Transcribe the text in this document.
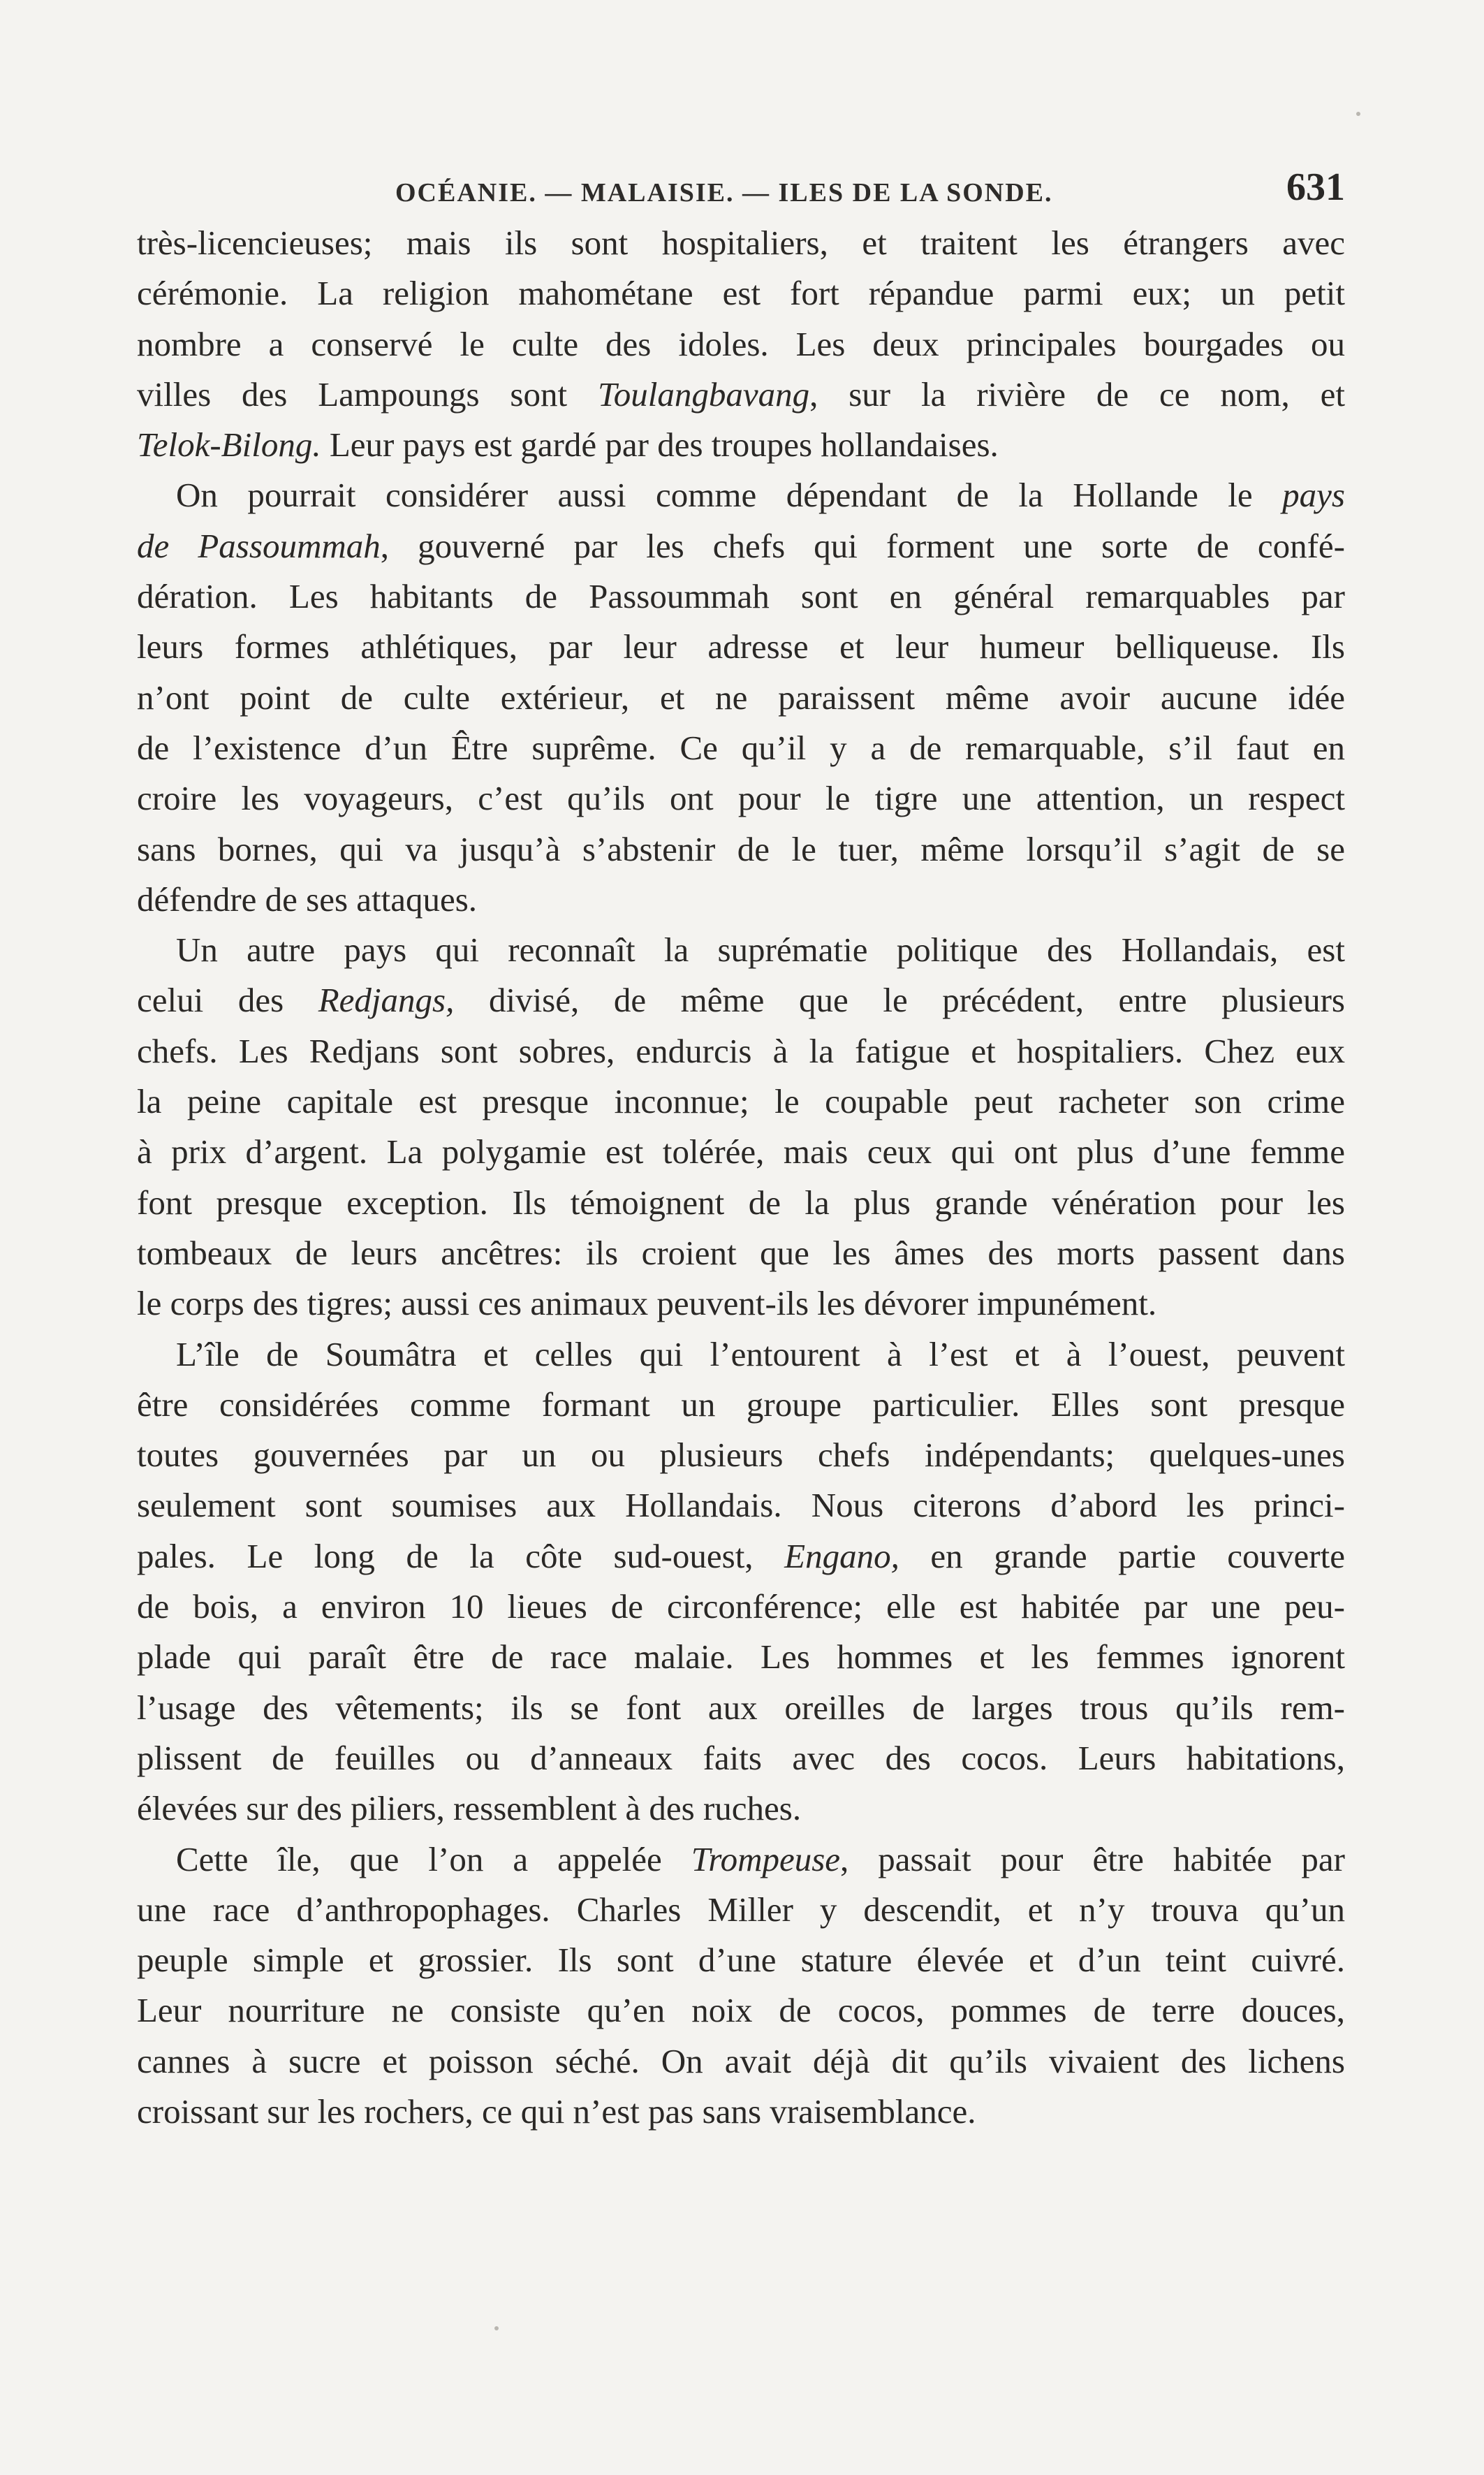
OCÉANIE. — MALAISIE. — ILES DE LA SONDE.	631
très-licencieuses; mais ils sont hospitaliers, et traitent les étrangers avec
cérémonie. La religion mahométane est fort répandue parmi eux; un petit
nombre a conservé le culte des idoles. Les deux principales bourgades ou
villes des Lampoungs sont Toulangbavang, sur la rivière de ce nom, et
Telok-Bilong. Leur pays est gardé par des troupes hollandaises.
On pourrait considérer aussi comme dépendant de la Hollande le pays
de Passoummah, gouverné par les chefs qui forment une sorte de confé-
dération. Les habitants de Passoummah sont en général remarquables par
leurs formes athlétiques, par leur adresse et leur humeur belliqueuse. Ils
n’ont point de culte extérieur, et ne paraissent même avoir aucune idée
de l’existence d’un Être suprême. Ce qu’il y a de remarquable, s’il faut en
croire les voyageurs, c’est qu’ils ont pour le tigre une attention, un respect
sans bornes, qui va jusqu’à s’abstenir de le tuer, même lorsqu’il s’agit de se
défendre de ses attaques.
Un autre pays qui reconnaît la suprématie politique des Hollandais, est
celui des Redjangs, divisé, de même que le précédent, entre plusieurs
chefs. Les Redjans sont sobres, endurcis à la fatigue et hospitaliers. Chez eux
la peine capitale est presque inconnue; le coupable peut racheter son crime
à prix d’argent. La polygamie est tolérée, mais ceux qui ont plus d’une femme
font presque exception. Ils témoignent de la plus grande vénération pour les
tombeaux de leurs ancêtres: ils croient que les âmes des morts passent dans
le corps des tigres; aussi ces animaux peuvent-ils les dévorer impunément.
L’île de Soumâtra et celles qui l’entourent à l’est et à l’ouest, peuvent
être considérées comme formant un groupe particulier. Elles sont presque
toutes gouvernées par un ou plusieurs chefs indépendants; quelques-unes
seulement sont soumises aux Hollandais. Nous citerons d’abord les princi-
pales. Le long de la côte sud-ouest, Engano, en grande partie couverte
de bois, a environ 10 lieues de circonférence; elle est habitée par une peu-
plade qui paraît être de race malaie. Les hommes et les femmes ignorent
l’usage des vêtements; ils se font aux oreilles de larges trous qu’ils rem-
plissent de feuilles ou d’anneaux faits avec des cocos. Leurs habitations,
élevées sur des piliers, ressemblent à des ruches.
Cette île, que l’on a appelée Trompeuse, passait pour être habitée par
une race d’anthropophages. Charles Miller y descendit, et n’y trouva qu’un
peuple simple et grossier. Ils sont d’une stature élevée et d’un teint cuivré.
Leur nourriture ne consiste qu’en noix de cocos, pommes de terre douces,
cannes à sucre et poisson séché. On avait déjà dit qu’ils vivaient des lichens
croissant sur les rochers, ce qui n’est pas sans vraisemblance.
